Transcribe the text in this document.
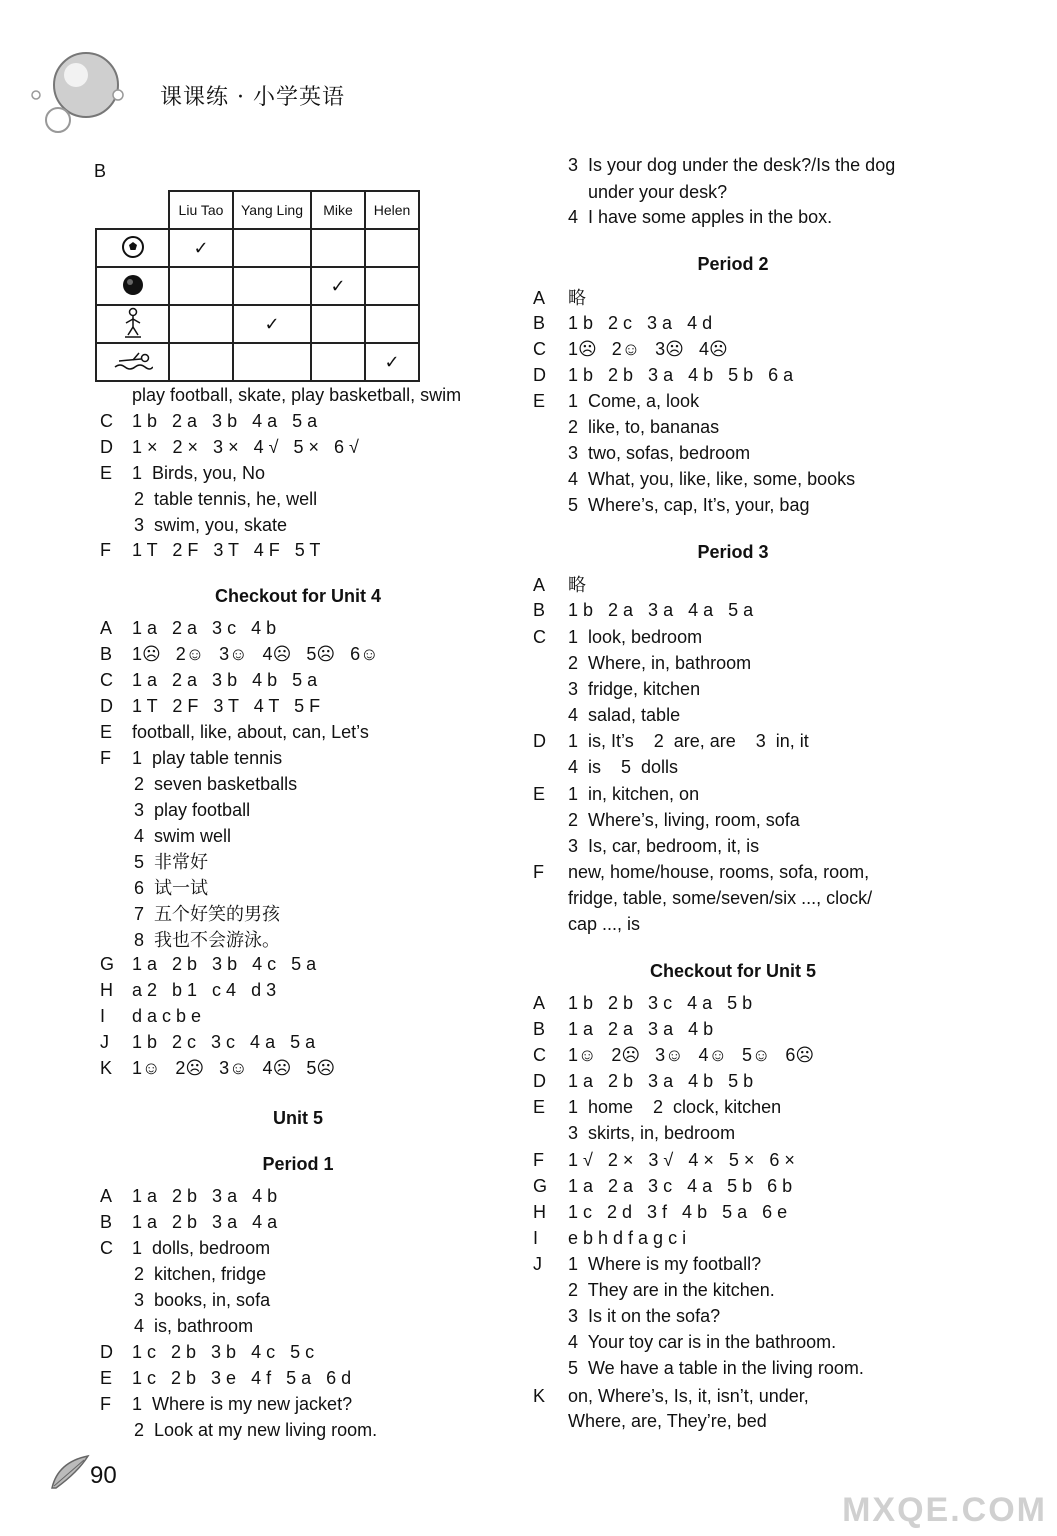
课课练 · 小学英语
B
	Liu Tao	Yang Ling	Mike	Helen
	✓			
			✓	
		✓		
				✓
play football, skate, play basketball, swim
C 1 b   2 a   3 b   4 a   5 a
D 1 ×   2 ×   3 ×   4 √   5 ×   6 √
E 1  Birds, you, No
2  table tennis, he, well
3  swim, you, skate
F 1 T   2 F   3 T   4 F   5 T
Checkout for Unit 4
A 1 a   2 a   3 c   4 b
B 1☹   2☺   3☺   4☹   5☹   6☺
C 1 a   2 a   3 b   4 b   5 a
D 1 T   2 F   3 T   4 T   5 F
E football, like, about, can, Let’s
F 1  play table tennis
2  seven basketballs
3  play football
4  swim well
5  非常好
6  试一试
7  五个好笑的男孩
8  我也不会游泳。
G 1 a   2 b   3 b   4 c   5 a
H a 2   b 1   c 4   d 3
I d a c b e
J 1 b   2 c   3 c   4 a   5 a
K 1☺   2☹   3☺   4☹   5☹
Unit 5
Period 1
A 1 a   2 b   3 a   4 b
B 1 a   2 b   3 a   4 a
C 1  dolls, bedroom
2  kitchen, fridge
3  books, in, sofa
4  is, bathroom
D 1 c   2 b   3 b   4 c   5 c
E 1 c   2 b   3 e   4 f   5 a   6 d
F 1  Where is my new jacket?
2  Look at my new living room.
3  Is your dog under the desk?/Is the dog
under your desk?
4  I have some apples in the box.
Period 2
A 略
B 1 b   2 c   3 a   4 d
C 1☹   2☺   3☹   4☹
D 1 b   2 b   3 a   4 b   5 b   6 a
E 1  Come, a, look
2  like, to, bananas
3  two, sofas, bedroom
4  What, you, like, like, some, books
5  Where’s, cap, It’s, your, bag
Period 3
A 略
B 1 b   2 a   3 a   4 a   5 a
C 1  look, bedroom
2  Where, in, bathroom
3  fridge, kitchen
4  salad, table
D 1  is, It’s    2  are, are    3  in, it
4  is    5  dolls
E 1  in, kitchen, on
2  Where’s, living, room, sofa
3  Is, car, bedroom, it, is
F new, home/house, rooms, sofa, room,
fridge, table, some/seven/six ..., clock/
cap ..., is
Checkout for Unit 5
A 1 b   2 b   3 c   4 a   5 b
B 1 a   2 a   3 a   4 b
C 1☺   2☹   3☺   4☺   5☺   6☹
D 1 a   2 b   3 a   4 b   5 b
E 1  home    2  clock, kitchen
3  skirts, in, bedroom
F 1 √   2 ×   3 √   4 ×   5 ×   6 ×
G 1 a   2 a   3 c   4 a   5 b   6 b
H 1 c   2 d   3 f   4 b   5 a   6 e
I e b h d f a g c i
J 1  Where is my football?
2  They are in the kitchen.
3  Is it on the sofa?
4  Your toy car is in the bathroom.
5  We have a table in the living room.
K on, Where’s, Is, it, isn’t, under,
Where, are, They’re, bed
90
MXQE.COM
